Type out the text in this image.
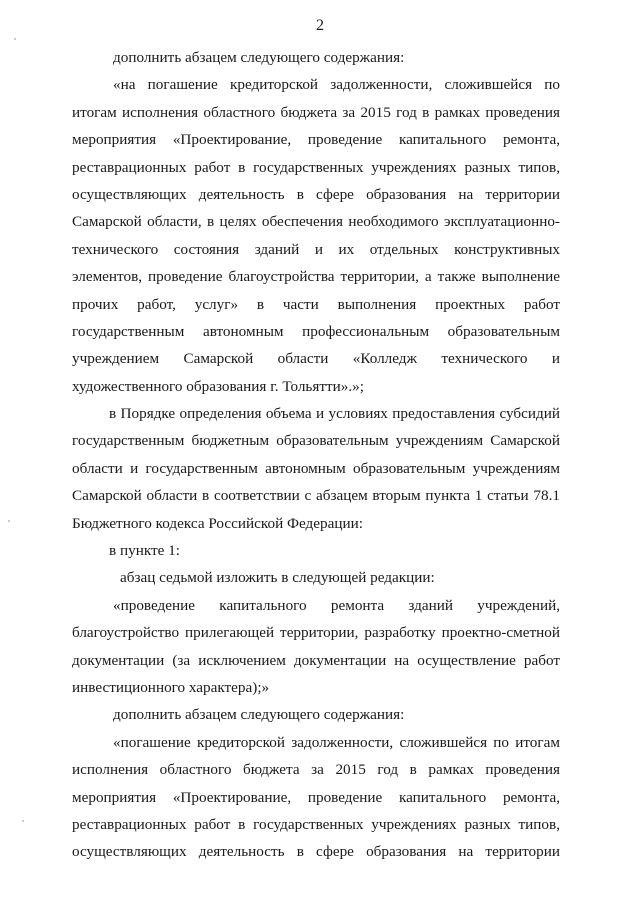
2
дополнить абзацем следующего содержания:
«на погашение кредиторской задолженности, сложившейся по
итогам исполнения областного бюджета за 2015 год в рамках проведения
мероприятия «Проектирование, проведение капитального ремонта,
реставрационных работ в государственных учреждениях разных типов,
осуществляющих деятельность в сфере образования на территории
Самарской области, в целях обеспечения необходимого эксплуатационно-
технического состояния зданий и их отдельных конструктивных
элементов, проведение благоустройства территории, а также выполнение
прочих работ, услуг» в части выполнения проектных работ
государственным автономным профессиональным образовательным
учреждением Самарской области «Колледж технического и
художественного образования г. Тольятти».»;
в Порядке определения объема и условиях предоставления субсидий
государственным бюджетным образовательным учреждениям Самарской
области и государственным автономным образовательным учреждениям
Самарской области в соответствии с абзацем вторым пункта 1 статьи 78.1
Бюджетного кодекса Российской Федерации:
в пункте 1:
абзац седьмой изложить в следующей редакции:
«проведение капитального ремонта зданий учреждений,
благоустройство прилегающей территории, разработку проектно-сметной
документации (за исключением документации на осуществление работ
инвестиционного характера);»
дополнить абзацем следующего содержания:
«погашение кредиторской задолженности, сложившейся по итогам
исполнения областного бюджета за 2015 год в рамках проведения
мероприятия «Проектирование, проведение капитального ремонта,
реставрационных работ в государственных учреждениях разных типов,
осуществляющих деятельность в сфере образования на территории
